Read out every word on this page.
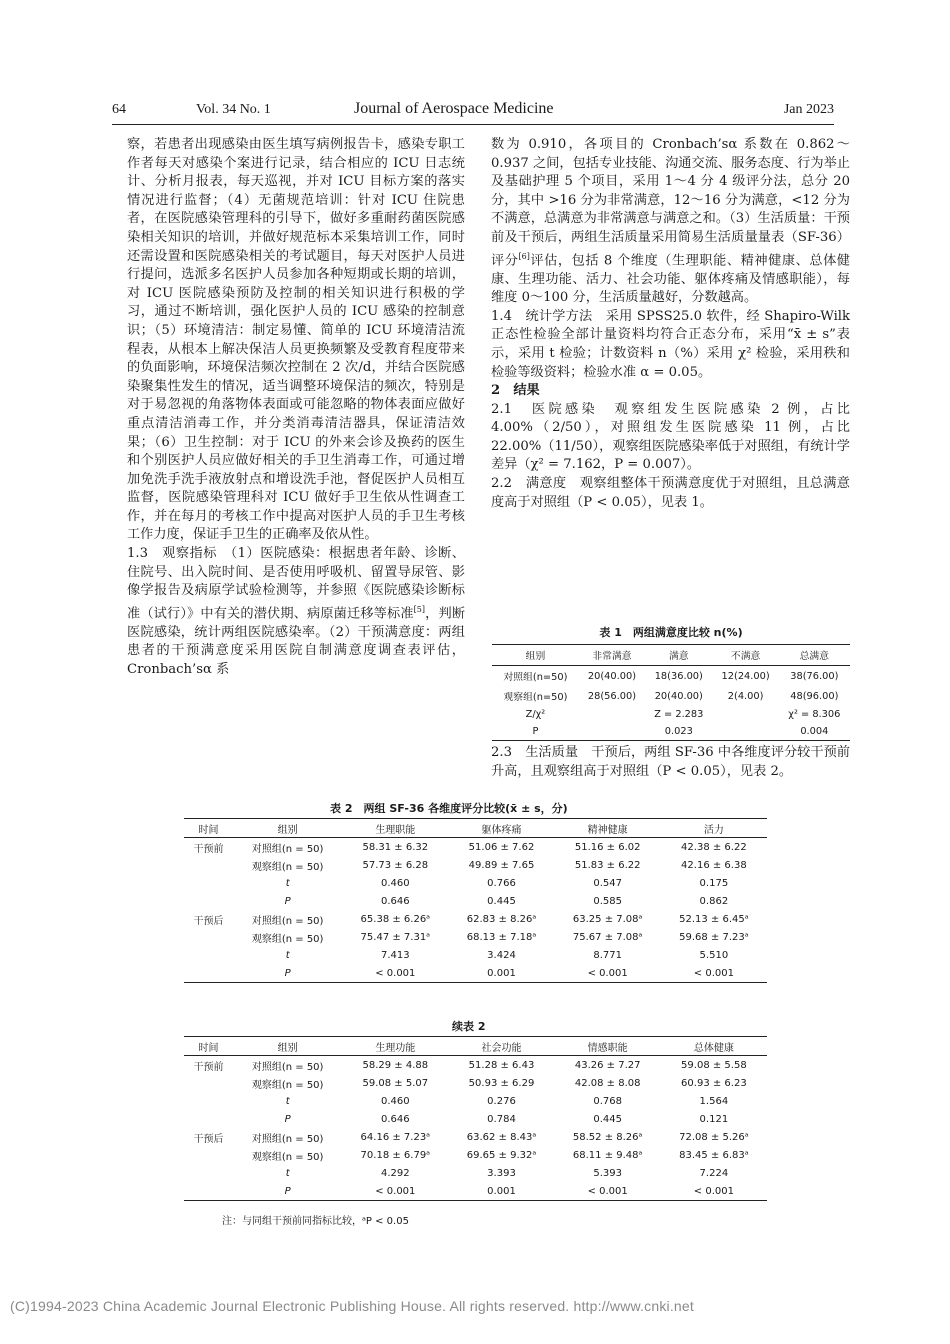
64	Vol. 34 No. 1	Journal of Aerospace Medicine	Jan 2023

察，若患者出现感染由医生填写病例报告卡，感染专职工作者每天对感染个案进行记录，结合相应的 ICU 日志统计、分析月报表，每天巡视，并对 ICU 目标方案的落实情况进行监督；（4）无菌规范培训：针对 ICU 住院患者，在医院感染管理科的引导下，做好多重耐药菌医院感染相关知识的培训，并做好规范标本采集培训工作，同时还需设置和医院感染相关的考试题目，每天对医护人员进行提问，选派多名医护人员参加各种短期或长期的培训，对 ICU 医院感染预防及控制的相关知识进行积极的学习，通过不断培训，强化医护人员的 ICU 感染的控制意识；（5）环境清洁：制定易懂、简单的 ICU 环境清洁流程表，从根本上解决保洁人员更换频繁及受教育程度带来的负面影响，环境保洁频次控制在 2 次/d，并结合医院感染聚集性发生的情况，适当调整环境保洁的频次，特别是对于易忽视的角落物体表面或可能忽略的物体表面应做好重点清洁消毒工作，并分类消毒清洁器具，保证清洁效果；（6）卫生控制：对于 ICU 的外来会诊及换药的医生和个别医护人员应做好相关的手卫生消毒工作，可通过增加免洗手洗手液放射点和增设洗手池，督促医护人员相互监督，医院感染管理科对 ICU 做好手卫生依从性调查工作，并在每月的考核工作中提高对医护人员的手卫生考核工作力度，保证手卫生的正确率及依从性。

1.3　观察指标　（1）医院感染：根据患者年龄、诊断、住院号、出入院时间、是否使用呼吸机、留置导尿管、影像学报告及病原学试验检测等，并参照《医院感染诊断标准（试行）》中有关的潜伏期、病原菌迁移等标准[5]，判断医院感染，统计两组医院感染率。（2）干预满意度：两组患者的干预满意度采用医院自制满意度调查表评估，Cronbach’sα 系

数为 0.910，各项目的 Cronbach’sα 系数在 0.862～0.937 之间，包括专业技能、沟通交流、服务态度、行为举止及基础护理 5 个项目，采用 1～4 分 4 级评分法，总分 20 分，其中 >16 分为非常满意，12～16 分为满意，<12 分为不满意，总满意为非常满意与满意之和。（3）生活质量：干预前及干预后，两组生活质量采用简易生活质量量表（SF-36）评分[6]评估，包括 8 个维度（生理职能、精神健康、总体健康、生理功能、活力、社会功能、躯体疼痛及情感职能），每维度 0～100 分，生活质量越好，分数越高。

1.4　统计学方法　采用 SPSS25.0 软件，经 Shapiro-Wilk 正态性检验全部计量资料均符合正态分布，采用“x̄ ± s”表示，采用 t 检验；计数资料 n（%）采用 χ² 检验，采用秩和检验等级资料；检验水准 α = 0.05。

2　结果

2.1　医院感染　观察组发生医院感染 2 例，占比 4.00%（2/50），对照组发生医院感染 11 例，占比 22.00%（11/50），观察组医院感染率低于对照组，有统计学差异（χ² = 7.162，P = 0.007）。

2.2　满意度　观察组整体干预满意度优于对照组，且总满意度高于对照组（P < 0.05），见表 1。

表 1　两组满意度比较 n(%)
组别	非常满意	满意	不满意	总满意
对照组(n=50)	20(40.00)	18(36.00)	12(24.00)	38(76.00)
观察组(n=50)	28(56.00)	20(40.00)	2(4.00)	48(96.00)
Z/χ²		Z = 2.283		χ² = 8.306
P		0.023		0.004

2.3　生活质量　干预后，两组 SF-36 中各维度评分较干预前升高，且观察组高于对照组（P < 0.05），见表 2。

表 2　两组 SF-36 各维度评分比较(x̄ ± s，分)
时间	组别	生理职能	躯体疼痛	精神健康	活力
干预前	对照组(n = 50)	58.31 ± 6.32	51.06 ± 7.62	51.16 ± 6.02	42.38 ± 6.22
	观察组(n = 50)	57.73 ± 6.28	49.89 ± 7.65	51.83 ± 6.22	42.16 ± 6.38
	t	0.460	0.766	0.547	0.175
	P	0.646	0.445	0.585	0.862
干预后	对照组(n = 50)	65.38 ± 6.26ᵃ	62.83 ± 8.26ᵃ	63.25 ± 7.08ᵃ	52.13 ± 6.45ᵃ
	观察组(n = 50)	75.47 ± 7.31ᵃ	68.13 ± 7.18ᵃ	75.67 ± 7.08ᵃ	59.68 ± 7.23ᵃ
	t	7.413	3.424	8.771	5.510
	P	< 0.001	0.001	< 0.001	< 0.001
续表 2
时间	组别	生理功能	社会功能	情感职能	总体健康
干预前	对照组(n = 50)	58.29 ± 4.88	51.28 ± 6.43	43.26 ± 7.27	59.08 ± 5.58
	观察组(n = 50)	59.08 ± 5.07	50.93 ± 6.29	42.08 ± 8.08	60.93 ± 6.23
	t	0.460	0.276	0.768	1.564
	P	0.646	0.784	0.445	0.121
干预后	对照组(n = 50)	64.16 ± 7.23ᵃ	63.62 ± 8.43ᵃ	58.52 ± 8.26ᵃ	72.08 ± 5.26ᵃ
	观察组(n = 50)	70.18 ± 6.79ᵃ	69.65 ± 9.32ᵃ	68.11 ± 9.48ᵃ	83.45 ± 6.83ᵃ
	t	4.292	3.393	5.393	7.224
	P	< 0.001	0.001	< 0.001	< 0.001
注：与同组干预前同指标比较，ᵃP < 0.05
(C)1994-2023 China Academic Journal Electronic Publishing House. All rights reserved. http://www.cnki.net
